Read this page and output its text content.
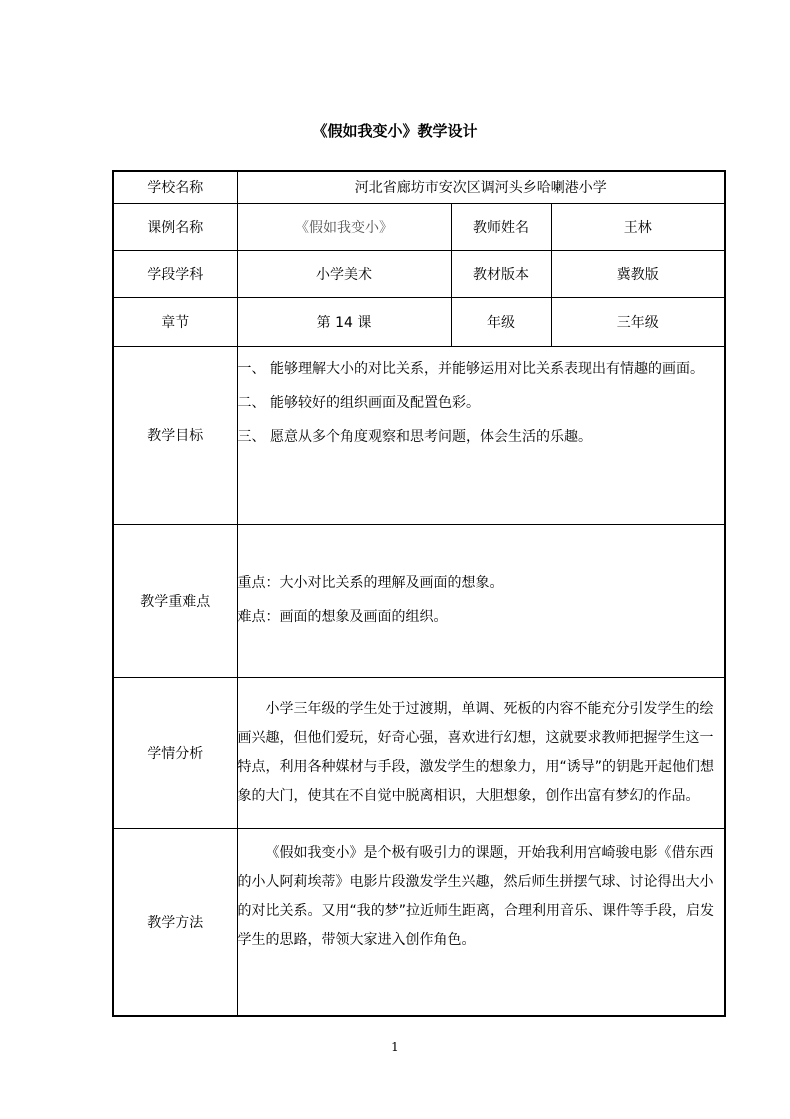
《假如我变小》教学设计
学校名称	河北省廊坊市安次区调河头乡哈喇港小学		
课例名称	《假如我变小》	教师姓名	王林
学段学科	小学美术	教材版本	冀教版
章节	第 14 课	年级	三年级
教学目标	一、 能够理解大小的对比关系，并能够运用对比关系表现出有情趣的画面。

二、 能够较好的组织画面及配置色彩。

三、 愿意从多个角度观察和思考问题，体会生活的乐趣。		

教学重难点	重点：大小对比关系的理解及画面的想象。

难点：画面的想象及画面的组织。		

学情分析	小学三年级的学生处于过渡期，单调、死板的内容不能充分引发学生的绘画兴趣，但他们爱玩，好奇心强，喜欢进行幻想，这就要求教师把握学生这一特点，利用各种媒材与手段，激发学生的想象力，用“诱导”的钥匙开起他们想象的大门，使其在不自觉中脱离相识，大胆想象，创作出富有梦幻的作品。		

教学方法	《假如我变小》是个极有吸引力的课题，开始我利用宫崎骏电影《借东西的小人阿莉埃蒂》电影片段激发学生兴趣，然后师生拼摆气球、讨论得出大小的对比关系。又用“我的梦”拉近师生距离，合理利用音乐、课件等手段，启发学生的思路，带领大家进入创作角色。		

1
